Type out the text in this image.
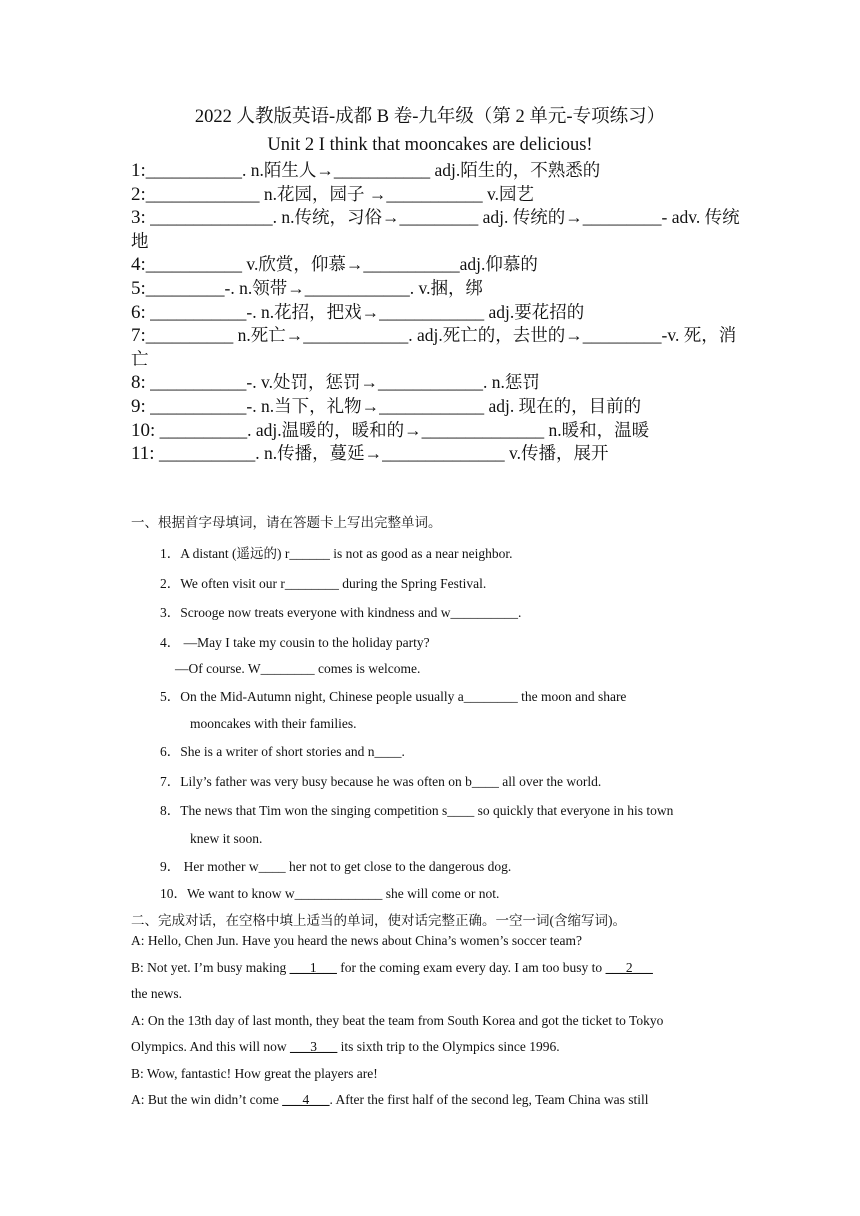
2022 人教版英语-成都 B 卷-九年级（第 2 单元-专项练习）
Unit 2 I think that mooncakes are delicious!
1:___________. n.陌生人→___________ adj.陌生的，不熟悉的
2:_____________ n.花园，园子 →___________ v.园艺
3: ______________. n.传统，习俗→_________ adj. 传统的→_________- adv. 传统地
4:___________ v.欣赏，仰慕→___________adj.仰慕的
5:_________-. n.领带→____________. v.捆，绑
6: ___________-. n.花招，把戏→____________ adj.要花招的
7:__________ n.死亡→____________. adj.死亡的，去世的→_________-v. 死，消亡
8: ___________-. v.处罚，惩罚→____________. n.惩罚
9: ___________-. n.当下，礼物→____________ adj. 现在的，目前的
10: __________. adj.温暖的，暖和的→______________ n.暖和，温暖
11: ___________. n.传播，蔓延→______________ v.传播，展开
一、根据首字母填词，请在答题卡上写出完整单词。
1．A distant (遥远的) r______ is not as good as a near neighbor.
2．We often visit our r________ during the Spring Festival.
3．Scrooge now treats everyone with kindness and w__________.
4． —May I take my cousin to the holiday party?
—Of course. W________ comes is welcome.
5．On the Mid-Autumn night, Chinese people usually a________ the moon and share
mooncakes with their families.
6．She is a writer of short stories and n____.
7．Lily’s father was very busy because he was often on b____ all over the world.
8．The news that Tim won the singing competition s____ so quickly that everyone in his town
knew it soon.
9． Her mother w____ her not to get close to the dangerous dog.
10．We want to know w_____________ she will come or not.
二、完成对话，在空格中填上适当的单词，使对话完整正确。一空一词(含缩写词)。
A: Hello, Chen Jun. Have you heard the news about China’s women’s soccer team?
B: Not yet. I’m busy making ___1___ for the coming exam every day. I am too busy to ___2___
the news.
A: On the 13th day of last month, they beat the team from South Korea and got the ticket to Tokyo
Olympics. And this will now ___3___ its sixth trip to the Olympics since 1996.
B: Wow, fantastic! How great the players are!
A: But the win didn’t come ___4___. After the first half of the second leg, Team China was still
